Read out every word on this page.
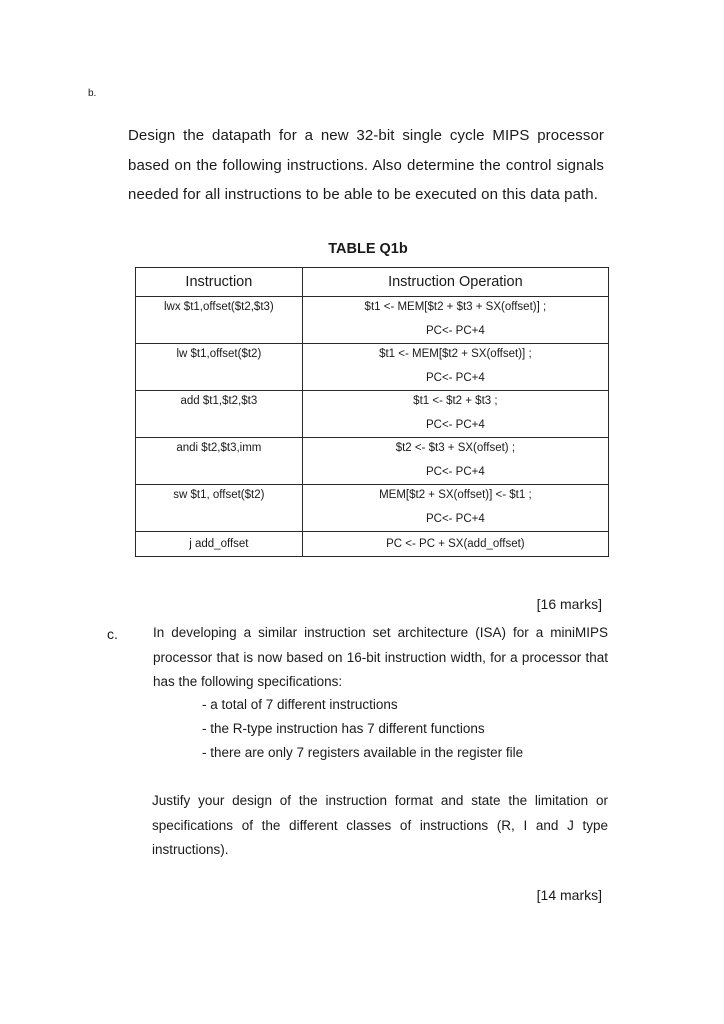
b.
Design the datapath for a new 32-bit single cycle MIPS processor based on the following instructions. Also determine the control signals needed for all instructions to be able to be executed on this data path.
TABLE Q1b
Instruction	Instruction Operation

lwx $t1,offset($t2,$t3)	$t1 <- MEM[$t2 + $t3 + SX(offset)] ;
PC<- PC+4

lw $t1,offset($t2)	$t1 <- MEM[$t2 + SX(offset)] ;
PC<- PC+4

add $t1,$t2,$t3	$t1 <- $t2 + $t3 ;
PC<- PC+4

andi $t2,$t3,imm	$t2 <- $t3 + SX(offset) ;
PC<- PC+4

sw $t1, offset($t2)	MEM[$t2 + SX(offset)] <- $t1 ;
PC<- PC+4

j add_offset	PC <- PC + SX(add_offset)
[16 marks]
c.	In developing a similar instruction set architecture (ISA) for a miniMIPS processor that is now based on 16-bit instruction width, for a processor that has the following specifications:
- a total of 7 different instructions
- the R-type instruction has 7 different functions
- there are only 7 registers available in the register file
Justify your design of the instruction format and state the limitation or specifications of the different classes of instructions (R, I and J type instructions).
[14 marks]
